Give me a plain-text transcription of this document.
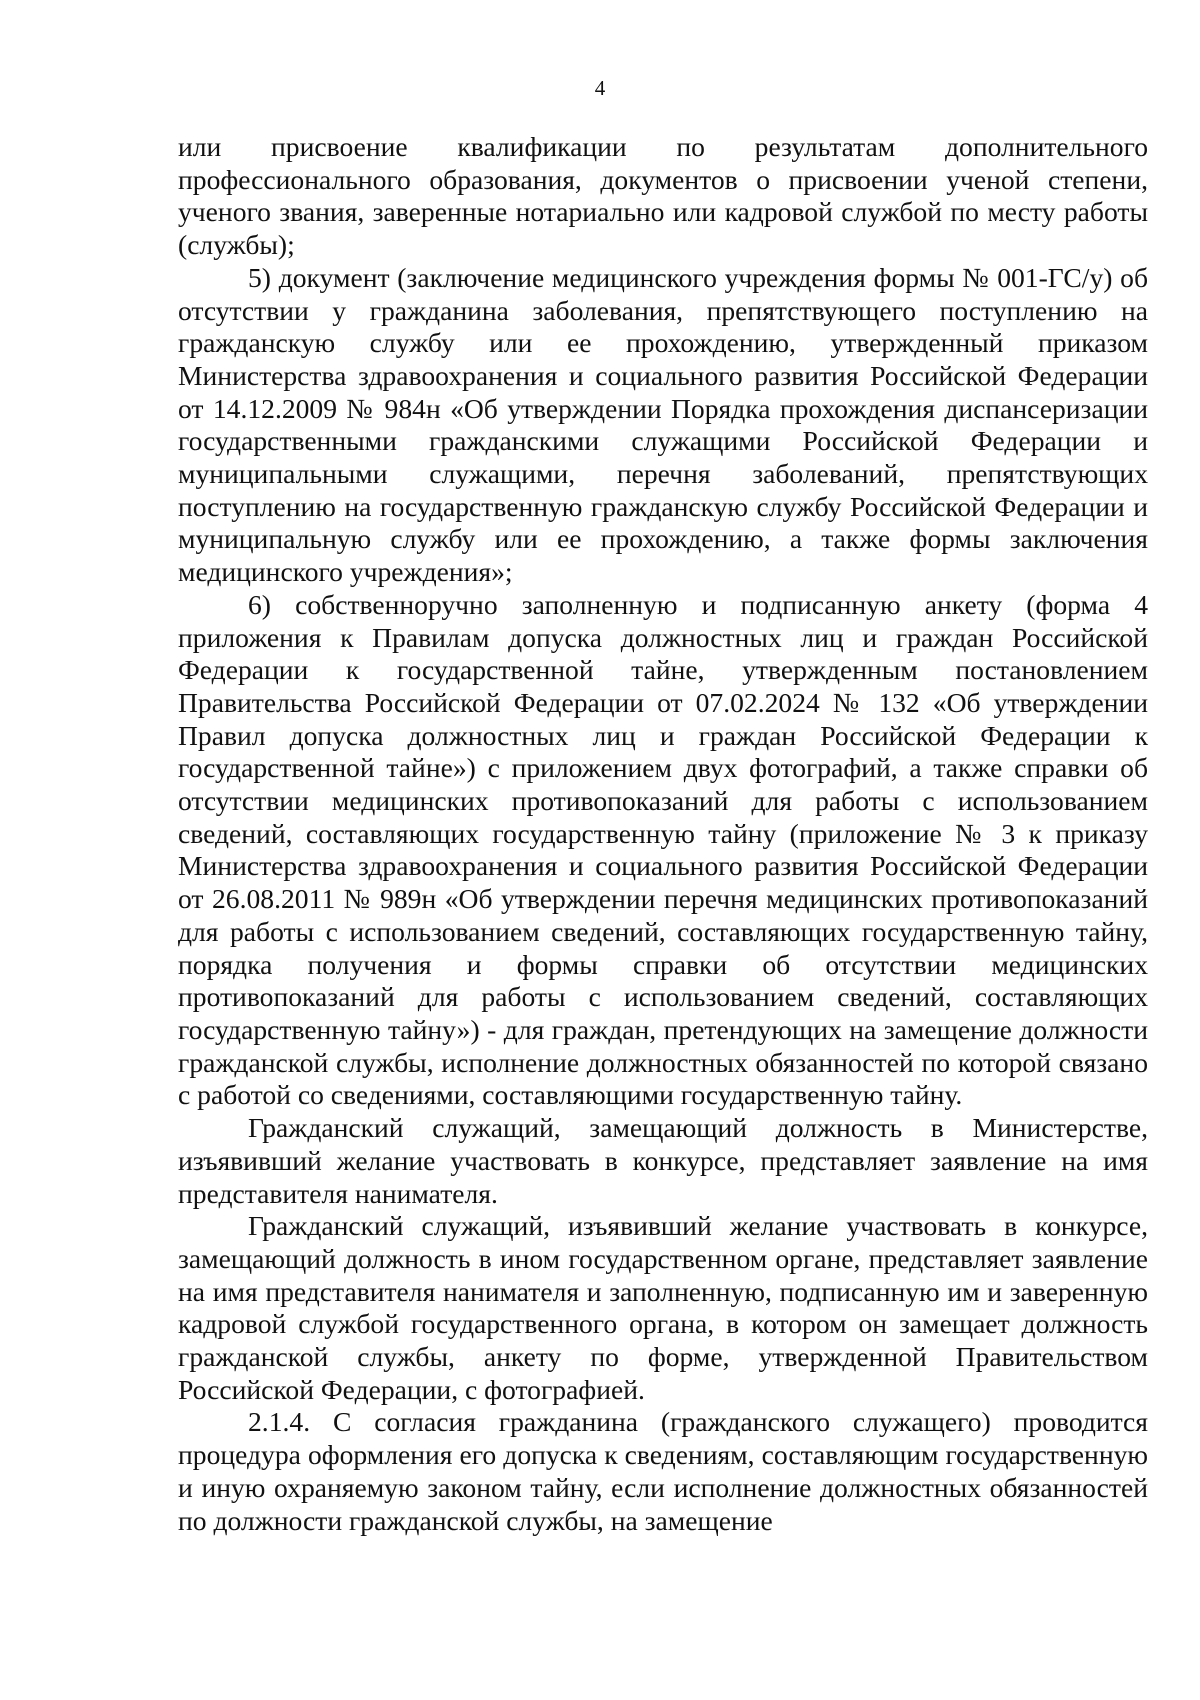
4

или присвоение квалификации по результатам дополнительного профессионального образования, документов о присвоении ученой степени, ученого звания, заверенные нотариально или кадровой службой по месту работы (службы);

5) документ (заключение медицинского учреждения формы № 001-ГС/у) об отсутствии у гражданина заболевания, препятствующего поступлению на гражданскую службу или ее прохождению, утвержденный приказом Министерства здравоохранения и социального развития Российской Федерации от 14.12.2009 № 984н «Об утверждении Порядка прохождения диспансеризации государственными гражданскими служащими Российской Федерации и муниципальными служащими, перечня заболеваний, препятствующих поступлению на государственную гражданскую службу Российской Федерации и муниципальную службу или ее прохождению, а также формы заключения медицинского учреждения»;

6) собственноручно заполненную и подписанную анкету (форма 4 приложения к Правилам допуска должностных лиц и граждан Российской Федерации к государственной тайне, утвержденным постановлением Правительства Российской Федерации от 07.02.2024 № 132 «Об утверждении Правил допуска должностных лиц и граждан Российской Федерации к государственной тайне») с приложением двух фотографий, а также справки об отсутствии медицинских противопоказаний для работы с использованием сведений, составляющих государственную тайну (приложение № 3 к приказу Министерства здравоохранения и социального развития Российской Федерации от 26.08.2011 № 989н «Об утверждении перечня медицинских противопоказаний для работы с использованием сведений, составляющих государственную тайну, порядка получения и формы справки об отсутствии медицинских противопоказаний для работы с использованием сведений, составляющих государственную тайну») - для граждан, претендующих на замещение должности гражданской службы, исполнение должностных обязанностей по которой связано с работой со сведениями, составляющими государственную тайну.

Гражданский служащий, замещающий должность в Министерстве, изъявивший желание участвовать в конкурсе, представляет заявление на имя представителя нанимателя.

Гражданский служащий, изъявивший желание участвовать в конкурсе, замещающий должность в ином государственном органе, представляет заявление на имя представителя нанимателя и заполненную, подписанную им и заверенную кадровой службой государственного органа, в котором он замещает должность гражданской службы, анкету по форме, утвержденной Правительством Российской Федерации, с фотографией.

2.1.4. С согласия гражданина (гражданского служащего) проводится процедура оформления его допуска к сведениям, составляющим государственную и иную охраняемую законом тайну, если исполнение должностных обязанностей по должности гражданской службы, на замещение
